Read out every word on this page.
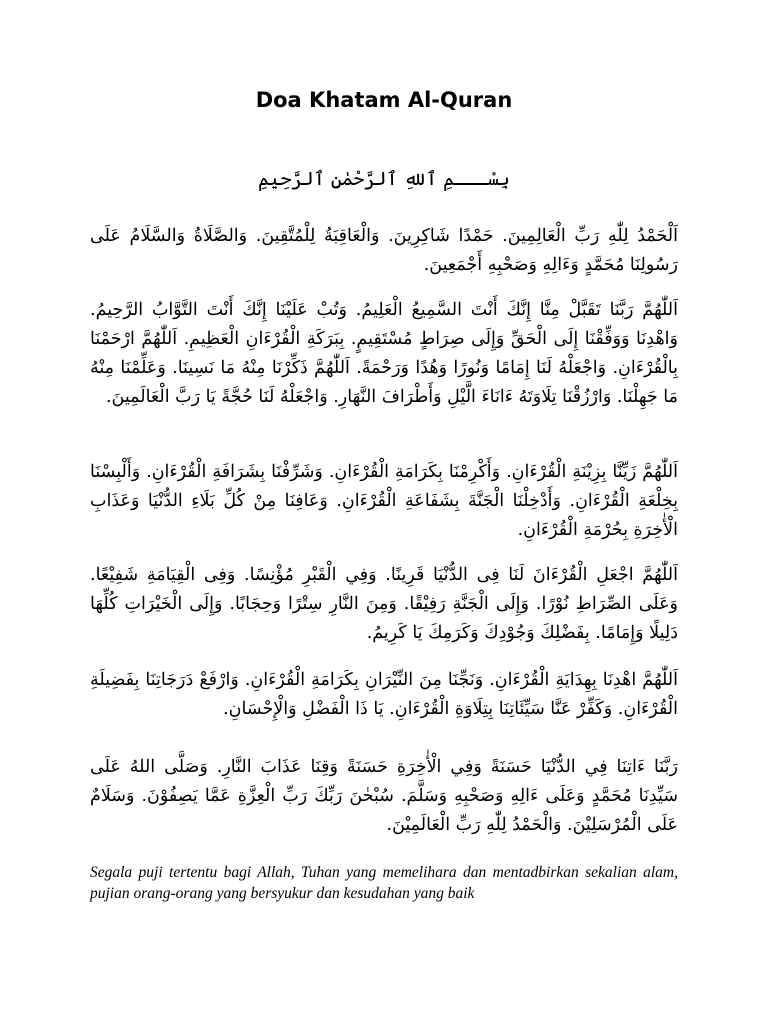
Doa Khatam Al-Quran

بِسْـــمِ ٱللهِ ٱلرَّحْمٰنِ ٱلرَّحِيمِ

اَلْحَمْدُ لِلّٰهِ رَبِّ الْعَالِمِينَ. حَمْدًا شَاكِرِينَ. وَالْعَاقِبَةُ لِلْمُتَّقِينَ. وَالصَّلَاةُ وَالسَّلَامُ عَلَى رَسُولِنَا مُحَمَّدٍ وَءَالِهِ وَصَحْبِهِ أَجْمَعِينَ.

اَللّٰهُمَّ رَبَّنَا تَقَبَّلْ مِنَّا إِنَّكَ أَنْتَ السَّمِيعُ الْعَلِيمُ. وَتُبْ عَلَيْنَا إِنَّكَ أَنْتَ التَّوَّابُ الرَّحِيمُ. وَاهْدِنَا وَوَفِّقْنَا إِلَى الْحَقِّ وَإِلَى صِرَاطٍ مُسْتَقِيمٍ. بِبَرَكَةِ الْقُرْءَانِ الْعَظِيمِ. اَللّٰهُمَّ ارْحَمْنَا بِالْقُرْءَانِ. وَاجْعَلْهُ لَنَا إِمَامًا وَنُورًا وَهُدًا وَرَحْمَةً. اَللّٰهُمَّ ذَكِّرْنَا مِنْهُ مَا نَسِينَا. وَعَلِّمْنَا مِنْهُ مَا جَهِلْنَا. وَارْزُقْنَا تِلَاوَتَهُ ءَانَاءَ الَّيْلِ وَأَطْرَافَ النَّهَارِ. وَاجْعَلْهُ لَنَا حُجَّةً يَا رَبَّ الْعَالَمِينَ.

اَللّٰهُمَّ زَيِّنَّا بِزِيْنَةِ الْقُرْءَانِ. وَأَكْرِمْنَا بِكَرَامَةِ الْقُرْءَانِ. وَشَرِّفْنَا بِشَرَافَةِ الْقُرْءَانِ. وَأَلْبِسْنَا بِخِلْعَةِ الْقُرْءَانِ. وَأَدْخِلْنَا الْجَنَّةَ بِشَفَاعَةِ الْقُرْءَانِ. وَعَافِنَا مِنْ كُلِّ بَلَاءِ الدُّنْيَا وَعَذَابِ الْأٰخِرَةِ بِحُرْمَةِ الْقُرْءَانِ.

اَللّٰهُمَّ اجْعَلِ الْقُرْءَانَ لَنَا فِى الدُّنْيَا قَرِينًا. وَفِي الْقَبْرِ مُؤْنِسًا. وَفِى الْقِيَامَةِ شَفِيْعًا. وَعَلَى الصِّرَاطِ نُوْرًا. وَإِلَى الْجَنَّةِ رَفِيْقًا. وَمِنَ النَّارِ سِتْرًا وَحِجَابًا. وَإِلَى الْخَيْرَاتِ كُلِّهَا دَلِيلًا وَإِمَامًا. بِفَضْلِكَ وَجُوْدِكَ وَكَرَمِكَ يَا كَرِيمُ.

اَللّٰهُمَّ اهْدِنَا بِهِدَايَةِ الْقُرْءَانِ. وَنَجِّنَا مِنَ النِّيْرَانِ بِكَرَامَةِ الْقُرْءَانِ. وَارْفَعْ دَرَجَاتِنَا بِفَضِيلَةِ الْقُرْءَانِ. وَكَفِّرْ عَنَّا سَيِّئَاتِنَا بِتِلَاوَةِ الْقُرْءَانِ. يَا ذَا الْفَضْلِ وَالْإِحْسَانِ.

رَبَّنَا ءَاتِنَا فِي الدُّنْيَا حَسَنَةً وَفِي الْأٰخِرَةِ حَسَنَةً وَقِنَا عَذَابَ النَّارِ. وَصَلَّى اللهُ عَلَى سَيِّدِنَا مُحَمَّدٍ وَعَلَى ءَالِهِ وَصَحْبِهِ وَسَلَّمَ. سُبْحٰنَ رَبِّكَ رَبِّ الْعِزَّةِ عَمَّا يَصِفُوْنَ. وَسَلَامٌ عَلَى الْمُرْسَلِيْنَ. وَالْحَمْدُ لِلّٰهِ رَبِّ الْعَالَمِيْنَ.

Segala puji tertentu bagi Allah, Tuhan yang memelihara dan mentadbirkan sekalian alam, pujian orang-orang yang bersyukur dan kesudahan yang baik
